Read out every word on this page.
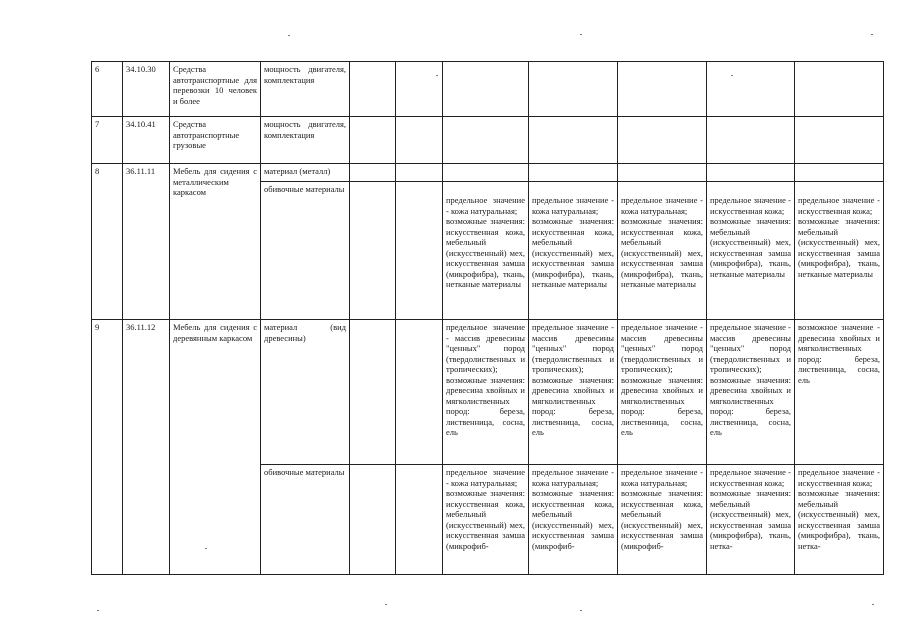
6	34.10.30	Средства автотранспортные для перевозки 10 человек и более	мощность двигателя, комплектация							
7	34.10.41	Средства автотранспортные грузовые	мощность двигателя, комплектация							
8	36.11.11	Мебель для сидения с металлическим каркасом	материал (металл)							
			обивочные материалы			предельное значение - кожа натуральная;
возможные значения: искусственная кожа, мебельный (искусственный) мех, искусственная замша (микрофибра), ткань, нетканые материалы	предельное значение - кожа натуральная;
возможные значения: искусственная кожа, мебельный (искусственный) мех, искусственная замша (микрофибра), ткань, нетканые материалы	предельное значение - кожа натуральная;
возможные значения: искусственная кожа, мебельный (искусственный) мех, искусственная замша (микрофибра), ткань, нетканые материалы	предельное значение - искусственная кожа;
возможные значения: мебельный (искусственный) мех, искусственная замша (микрофибра), ткань, нетканые материалы	предельное значение - искусственная кожа;
возможные значения: мебельный (искусственный) мех, искусственная замша (микрофибра), ткань, нетканые материалы
9	36.11.12	Мебель для сидения с деревянным каркасом	материал (вид древесины)			предельное значение - массив древесины "ценных" пород (твердолиственных и тропических);
возможные значения: древесина хвойных и мягколиственных пород: береза, лиственница, сосна, ель	предельное значение - массив древесины "ценных" пород (твердолиственных и тропических);
возможные значения: древесина хвойных и мягколиственных пород: береза, лиственница, сосна, ель	предельное значение - массив древесины "ценных" пород (твердолиственных и тропических);
возможные значения: древесина хвойных и мягколиственных пород: береза, лиственница, сосна, ель	предельное значение - массив древесины "ценных" пород (твердолиственных и тропических);
возможные значения: древесина хвойных и мягколиственных пород: береза, лиственница, сосна, ель	возможное значение - древесина хвойных и мягколиственных пород: береза, лиственница, сосна, ель
			обивочные материалы			предельное значение - кожа натуральная;
возможные значения: искусственная кожа, мебельный (искусственный) мех, искусственная замша (микрофиб-	предельное значение - кожа натуральная;
возможные значения: искусственная кожа, мебельный (искусственный) мех, искусственная замша (микрофиб-	предельное значение - кожа натуральная;
возможные значения: искусственная кожа, мебельный (искусственный) мех, искусственная замша (микрофиб-	предельное значение - искусственная кожа;
возможные значения: мебельный (искусственный) мех, искусственная замша (микрофибра), ткань, нетка-	предельное значение - искусственная кожа;
возможные значения: мебельный (искусственный) мех, искусственная замша (микрофибра), ткань, нетка-
